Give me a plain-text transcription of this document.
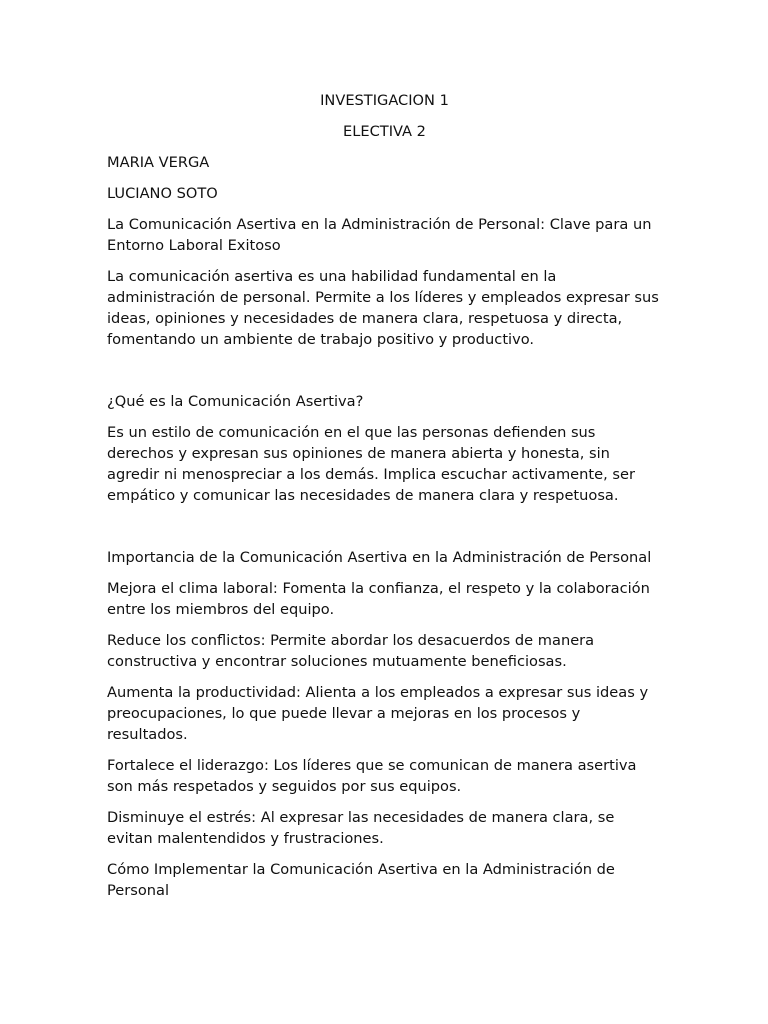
INVESTIGACION 1

ELECTIVA 2

MARIA VERGA

LUCIANO SOTO

La Comunicación Asertiva en la Administración de Personal: Clave para un Entorno Laboral Exitoso

La comunicación asertiva es una habilidad fundamental en la administración de personal. Permite a los líderes y empleados expresar sus ideas, opiniones y necesidades de manera clara, respetuosa y directa, fomentando un ambiente de trabajo positivo y productivo.

¿Qué es la Comunicación Asertiva?

Es un estilo de comunicación en el que las personas defienden sus derechos y expresan sus opiniones de manera abierta y honesta, sin agredir ni menospreciar a los demás. Implica escuchar activamente, ser empático y comunicar las necesidades de manera clara y respetuosa.

Importancia de la Comunicación Asertiva en la Administración de Personal

Mejora el clima laboral: Fomenta la confianza, el respeto y la colaboración entre los miembros del equipo.

Reduce los conflictos: Permite abordar los desacuerdos de manera constructiva y encontrar soluciones mutuamente beneficiosas.

Aumenta la productividad: Alienta a los empleados a expresar sus ideas y preocupaciones, lo que puede llevar a mejoras en los procesos y resultados.

Fortalece el liderazgo: Los líderes que se comunican de manera asertiva son más respetados y seguidos por sus equipos.

Disminuye el estrés: Al expresar las necesidades de manera clara, se evitan malentendidos y frustraciones.

Cómo Implementar la Comunicación Asertiva en la Administración de Personal
